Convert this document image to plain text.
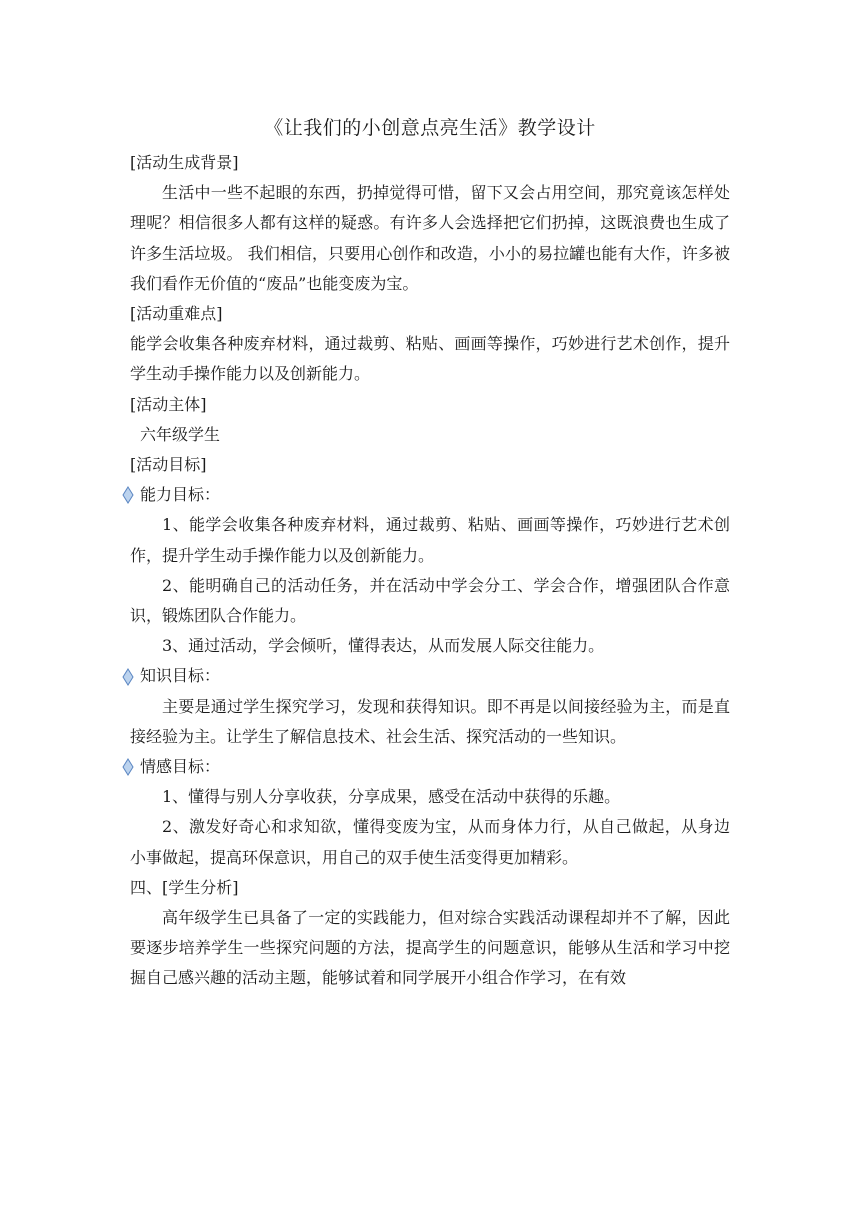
《让我们的小创意点亮生活》教学设计
[活动生成背景]
生活中一些不起眼的东西，扔掉觉得可惜，留下又会占用空间，那究竟该怎样处理呢？相信很多人都有这样的疑惑。有许多人会选择把它们扔掉，这既浪费也生成了许多生活垃圾。 我们相信，只要用心创作和改造，小小的易拉罐也能有大作，许多被我们看作无价值的“废品”也能变废为宝。
[活动重难点]
能学会收集各种废弃材料，通过裁剪、粘贴、画画等操作，巧妙进行艺术创作，提升学生动手操作能力以及创新能力。
[活动主体]
六年级学生
[活动目标]
能力目标：
1、能学会收集各种废弃材料，通过裁剪、粘贴、画画等操作，巧妙进行艺术创作，提升学生动手操作能力以及创新能力。
2、能明确自己的活动任务，并在活动中学会分工、学会合作，增强团队合作意识，锻炼团队合作能力。
3、通过活动，学会倾听，懂得表达，从而发展人际交往能力。
知识目标：
主要是通过学生探究学习，发现和获得知识。即不再是以间接经验为主，而是直接经验为主。让学生了解信息技术、社会生活、探究活动的一些知识。
情感目标：
1、懂得与别人分享收获，分享成果，感受在活动中获得的乐趣。
2、激发好奇心和求知欲，懂得变废为宝，从而身体力行，从自己做起，从身边小事做起，提高环保意识，用自己的双手使生活变得更加精彩。
四、[学生分析]
高年级学生已具备了一定的实践能力，但对综合实践活动课程却并不了解，因此要逐步培养学生一些探究问题的方法，提高学生的问题意识，能够从生活和学习中挖掘自己感兴趣的活动主题，能够试着和同学展开小组合作学习，在有效
